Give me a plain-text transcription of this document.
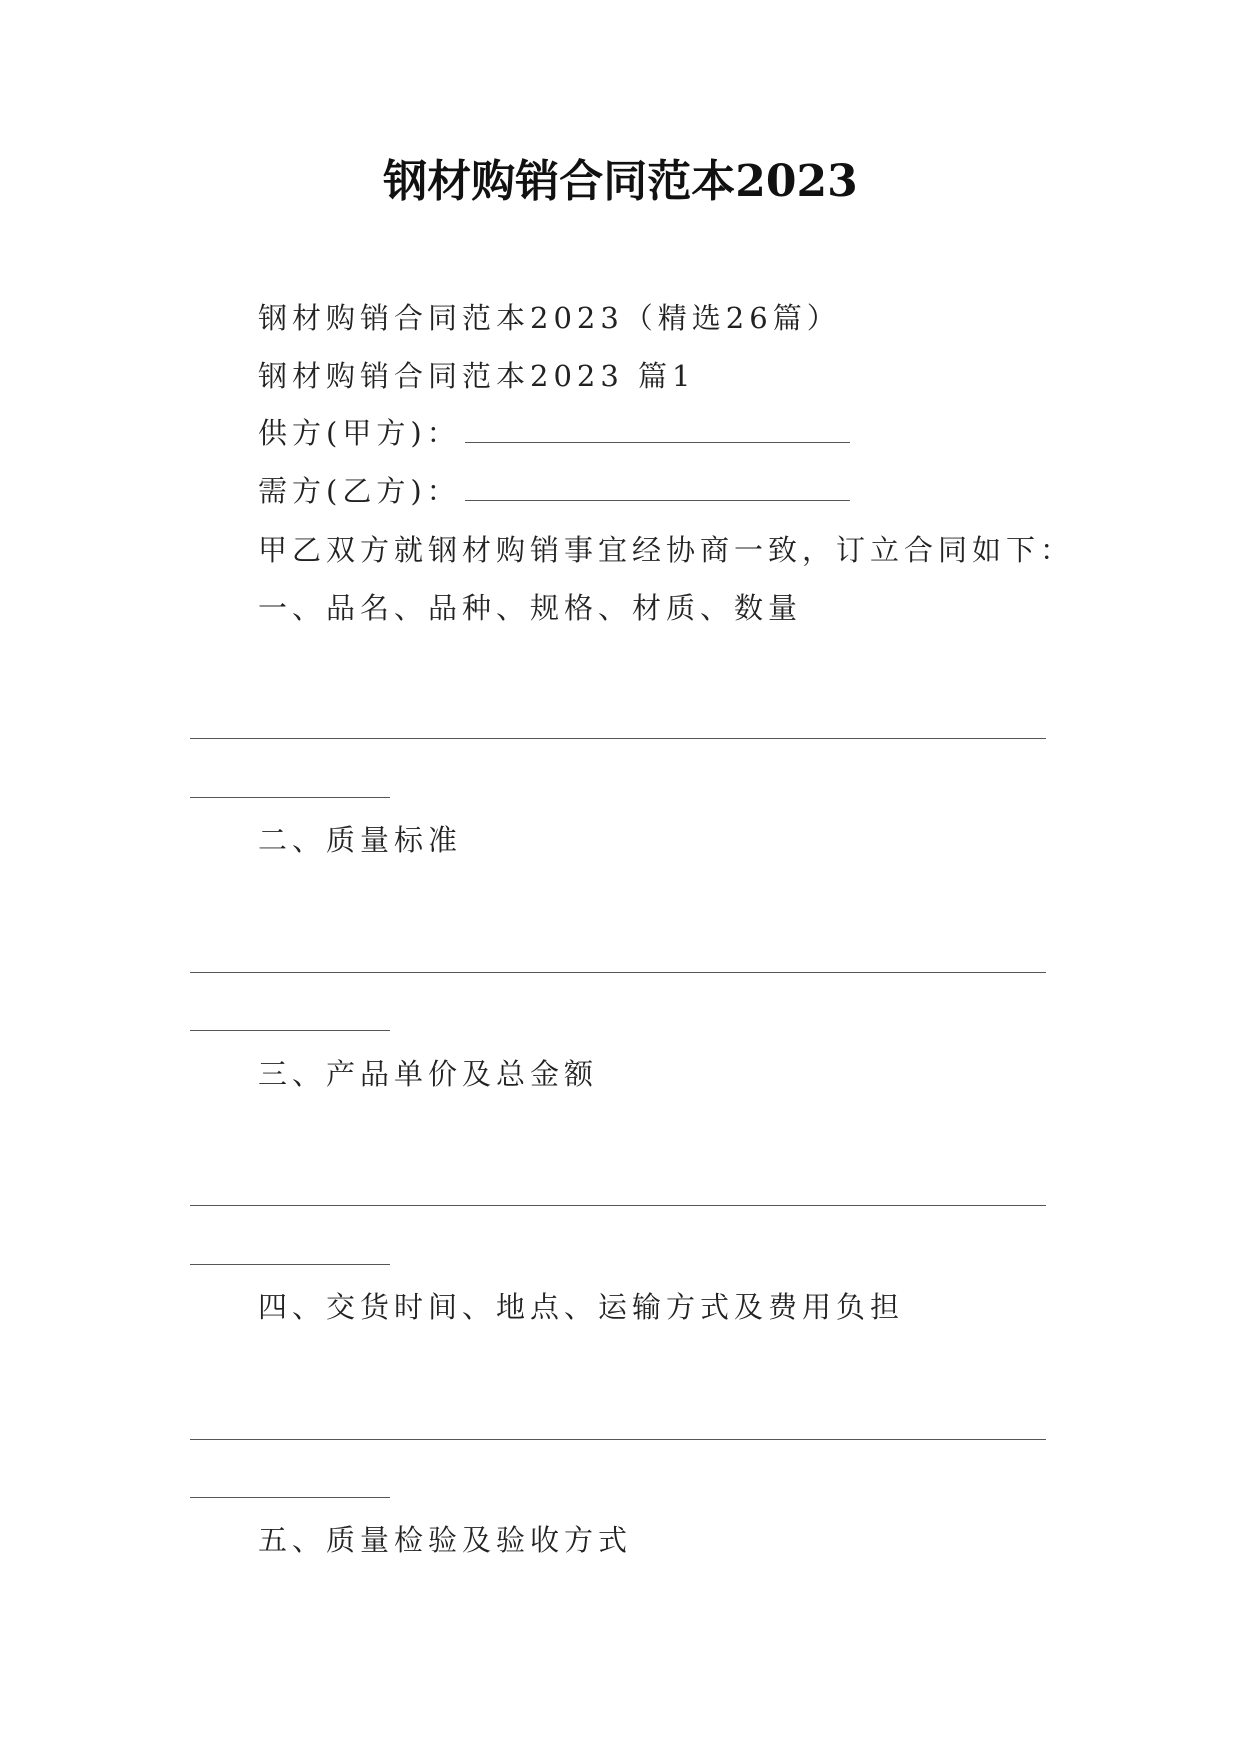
钢材购销合同范本2023
钢材购销合同范本2023（精选26篇）
钢材购销合同范本2023 篇1
供方(甲方)：
需方(乙方)：
甲乙双方就钢材购销事宜经协商一致，订立合同如下：
一、品名、品种、规格、材质、数量
二、质量标准
三、产品单价及总金额
四、交货时间、地点、运输方式及费用负担
五、质量检验及验收方式
